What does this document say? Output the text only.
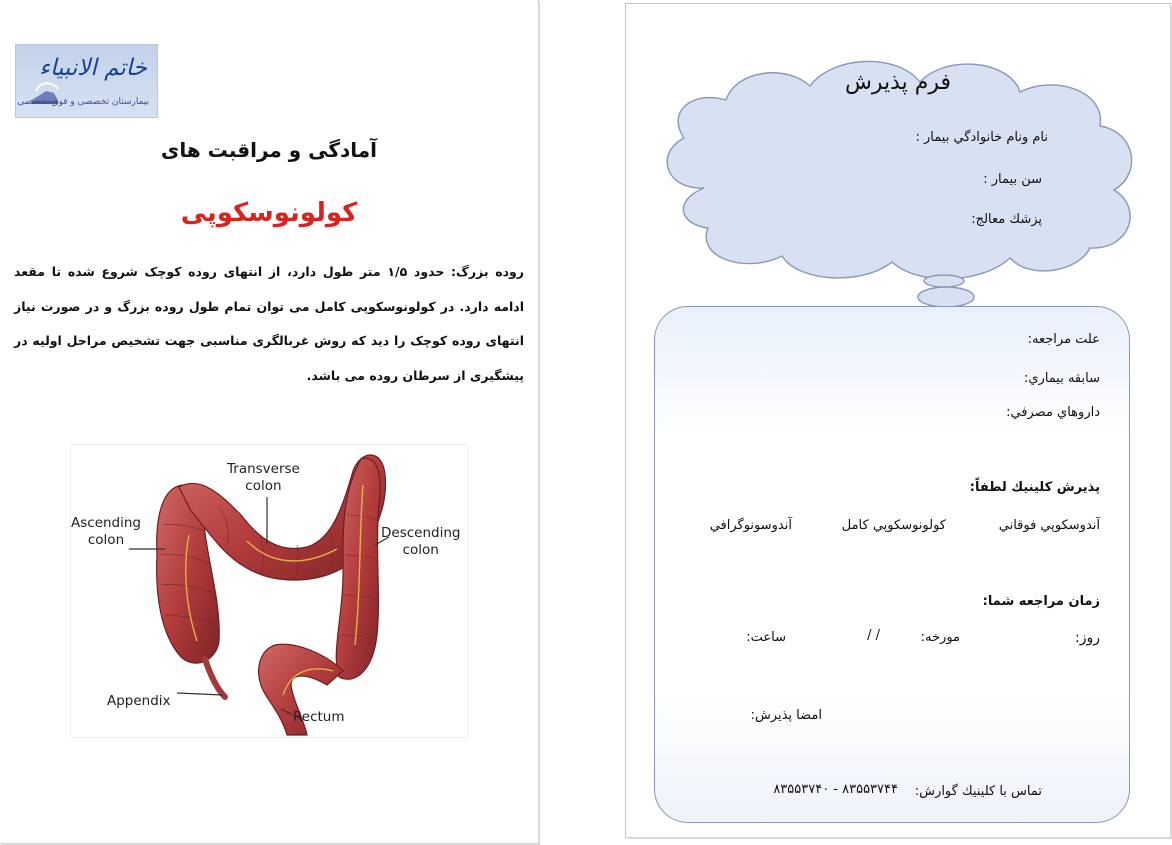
خاتم الانبیاء
بیمارستان تخصصی و فوق تخصصی
آمادگی و مراقبت های
کولونوسکوپی
روده بزرگ: حدود ۱/۵ متر طول دارد، از انتهای روده کوچک شروع شده تا مقعد ادامه دارد. در کولونوسکوپی کامل می توان تمام طول روده بزرگ و در صورت نیاز انتهای روده کوچک را دید که روش غربالگری مناسبی جهت تشخیص مراحل اولیه در پیشگیری از سرطان روده می باشد.
Transverse
colon
Ascending
colon	Descending
colon
Appendix
Rectum
فرم پذیرش
نام ونام خانوادگي بيمار :
سن بيمار :
پزشك معالج:
علت مراجعه:
سابقه بيماري:
داروهاي مصرفي:
پذيرش كلينيك لطفاً:
آندوسكوپي فوقاني
كولونوسكوپي كامل
آندوسونوگرافي
زمان مراجعه شما:
روز:
مورخه:
/ /
ساعت:
امضا پذيرش:
تماس با كلينيك گوارش:
۸۳۵۵۳۷۴۰ - ۸۳۵۵۳۷۴۴
